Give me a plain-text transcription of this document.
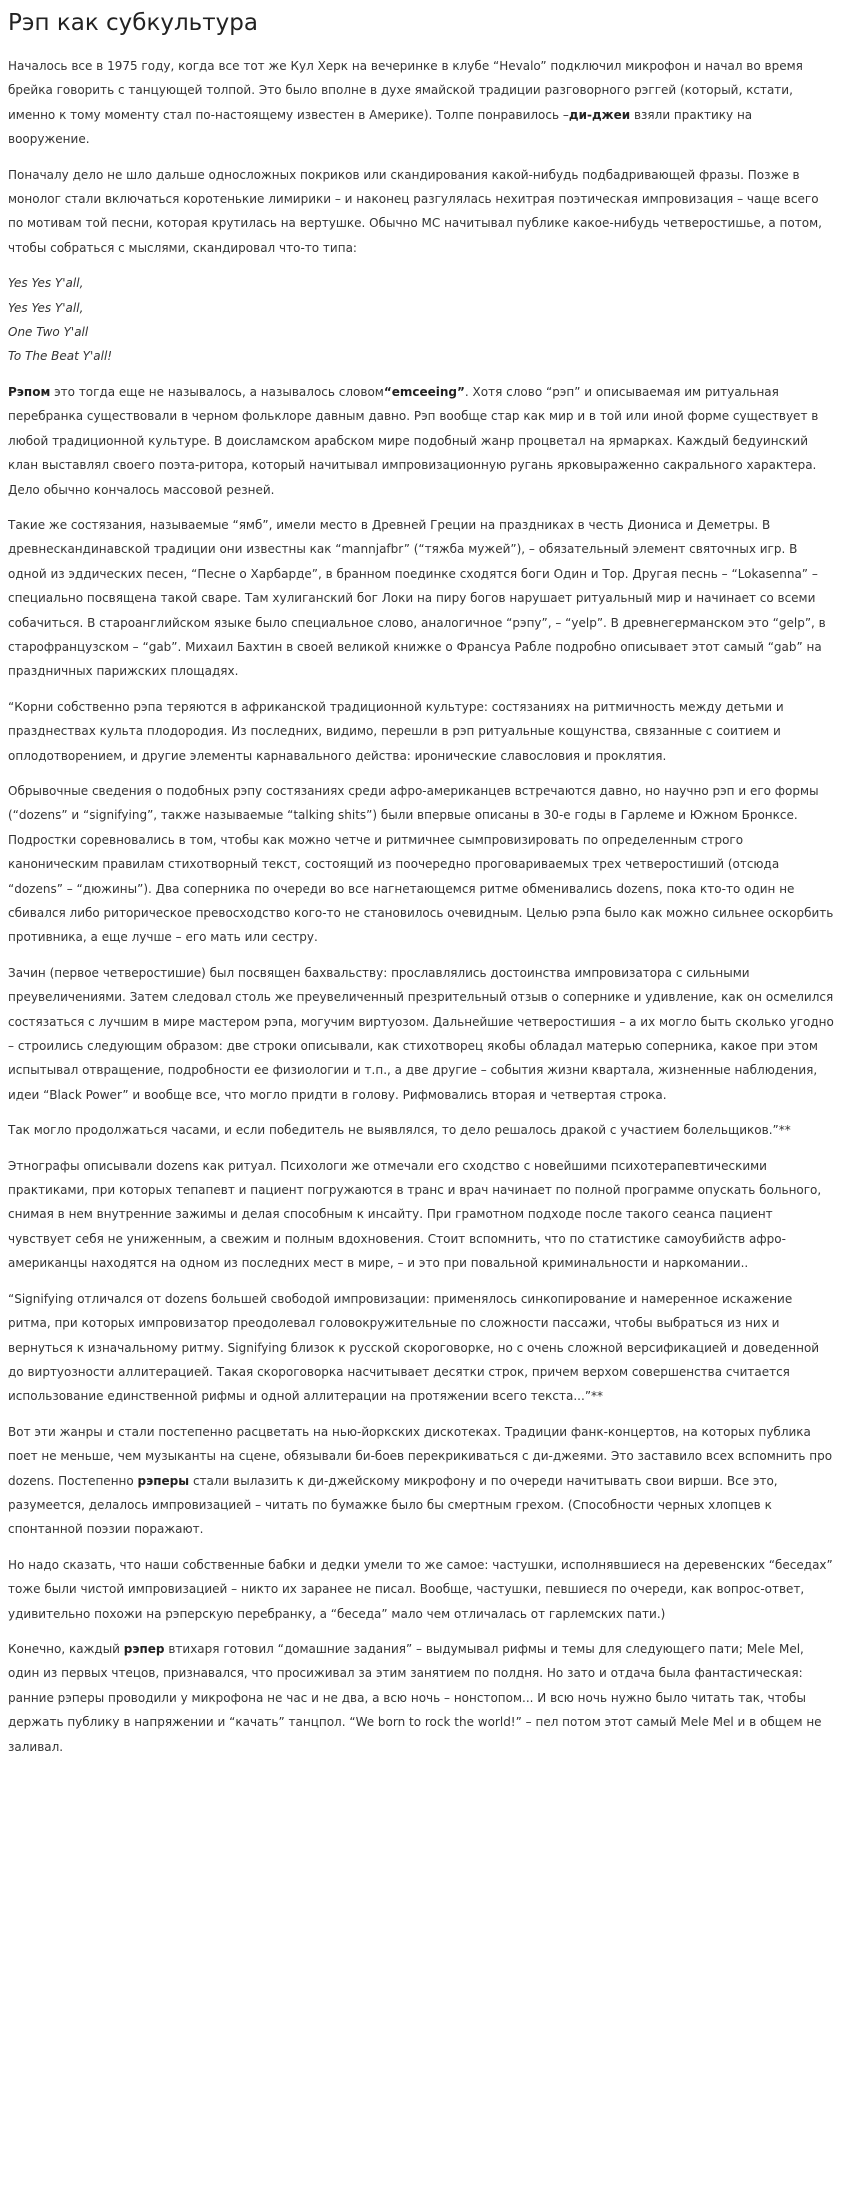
Рэп как субкультура

Началось все в 1975 году, когда все тот же Кул Херк на вечеринке в клубе “Hevalo” подключил микрофон и начал во время брейка говорить с танцующей толпой. Это было вполне в духе ямайской традиции разговорного рэггей (который, кстати, именно к тому моменту стал по-настоящему известен в Америке). Толпе понравилось –ди-джеи взяли практику на вооружение.

Поначалу дело не шло дальше односложных покриков или скандирования какой-нибудь подбадривающей фразы. Позже в монолог стали включаться коротенькие лимирики – и наконец разгулялась нехитрая поэтическая импровизация – чаще всего по мотивам той песни, которая крутилась на вертушке. Обычно МС начитывал публике какое-нибудь четверостишье, а потом, чтобы собраться с мыслями, скандировал что-то типа:

Yes Yes Y'all,

Yes Yes Y'all,

One Two Y'all

To The Beat Y'all!

Рэпом это тогда еще не называлось, а называлось словом“emceeing”. Хотя слово “рэп” и описываемая им ритуальная перебранка существовали в черном фольклоре давным давно. Рэп вообще стар как мир и в той или иной форме существует в любой традиционной культуре. В доисламском арабском мире подобный жанр процветал на ярмарках. Каждый бедуинский клан выставлял своего поэта-ритора, который начитывал импровизационную ругань ярковыраженно сакрального характера. Дело обычно кончалось массовой резней.

Такие же состязания, называемые “ямб”, имели место в Древней Греции на праздниках в честь Диониса и Деметры. В древнескандинавской традиции они известны как “mannjafbr” (“тяжба мужей”), – обязательный элемент святочных игр. В одной из эддических песен, “Песне о Харбарде”, в бранном поединке сходятся боги Один и Тор. Другая песнь – “Lokasenna” – специально посвящена такой сваре. Там хулиганский бог Локи на пиру богов нарушает ритуальный мир и начинает со всеми собачиться. В староанглийском языке было специальное слово, аналогичное “рэпу”, – “yelp”. В древнегерманском это “gelp”, в старофранцузском – “gab”. Михаил Бахтин в своей великой книжке о Франсуа Рабле подробно описывает этот самый “gab” на праздничных парижских площадях.

“Корни собственно рэпа теряются в африканской традиционной культуре: состязаниях на ритмичность между детьми и празднествах культа плодородия. Из последних, видимо, перешли в рэп ритуальные кощунства, связанные с соитием и оплодотворением, и другие элементы карнавального действа: иронические славословия и проклятия.

Обрывочные сведения о подобных рэпу состязаниях среди афро-американцев встречаются давно, но научно рэп и его формы (“dozens” и “signifying”, также называемые “talking shits”) были впервые описаны в 30-е годы в Гарлеме и Южном Бронксе. Подростки соревновались в том, чтобы как можно четче и ритмичнее сымпровизировать по определенным строго каноническим правилам стихотворный текст, состоящий из поочередно проговариваемых трех четверостиший (отсюда “dozens” – “дюжины”). Два соперника по очереди во все нагнетающемся ритме обменивались dozens, пока кто-то один не сбивался либо риторическое превосходство кого-то не становилось очевидным. Целью рэпа было как можно сильнее оскорбить противника, а еще лучше – его мать или сестру.

Зачин (первое четверостишие) был посвящен бахвальству: прославлялись достоинства импровизатора с сильными преувеличениями. Затем следовал столь же преувеличенный презрительный отзыв о сопернике и удивление, как он осмелился состязаться с лучшим в мире мастером рэпа, могучим виртуозом. Дальнейшие четверостишия – а их могло быть сколько угодно – строились следующим образом: две строки описывали, как стихотворец якобы обладал матерью соперника, какое при этом испытывал отвращение, подробности ее физиологии и т.п., а две другие – события жизни квартала, жизненные наблюдения, идеи “Black Power” и вообще все, что могло придти в голову. Рифмовались вторая и четвертая строка.

Так могло продолжаться часами, и если победитель не выявлялся, то дело решалось дракой с участием болельщиков.”**

Этнографы описывали dozens как ритуал. Психологи же отмечали его сходство с новейшими психотерапевтическими практиками, при которых тепапевт и пациент погружаются в транс и врач начинает по полной программе опускать больного, снимая в нем внутренние зажимы и делая способным к инсайту. При грамотном подходе после такого сеанса пациент чувствует себя не униженным, а свежим и полным вдохновения. Стоит вспомнить, что по статистике самоубийств афро-американцы находятся на одном из последних мест в мире, – и это при повальной криминальности и наркомании..

“Signifying отличался от dozens большей свободой импровизации: применялось синкопирование и намеренное искажение ритма, при которых импровизатор преодолевал головокружительные по сложности пассажи, чтобы выбраться из них и вернуться к изначальному ритму. Signifying близок к русской скороговорке, но с очень сложной версификацией и доведенной до виртуозности аллитерацией. Такая скороговорка насчитывает десятки строк, причем верхом совершенства считается использование единственной рифмы и одной аллитерации на протяжении всего текста...”**

Вот эти жанры и стали постепенно расцветать на нью-йоркских дискотеках. Традиции фанк-концертов, на которых публика поет не меньше, чем музыканты на сцене, обязывали би-боев перекрикиваться с ди-джеями. Это заставило всех вспомнить про dozens. Постепенно рэперы стали вылазить к ди-джейскому микрофону и по очереди начитывать свои вирши. Все это, разумеется, делалось импровизацией – читать по бумажке было бы смертным грехом. (Способности черных хлопцев к спонтанной поэзии поражают.

Но надо сказать, что наши собственные бабки и дедки умели то же самое: частушки, исполнявшиеся на деревенских “беседах” тоже были чистой импровизацией – никто их заранее не писал. Вообще, частушки, певшиеся по очереди, как вопрос-ответ, удивительно похожи на рэперскую перебранку, а “беседа” мало чем отличалась от гарлемских пати.)

Конечно, каждый рэпер втихаря готовил “домашние задания” – выдумывал рифмы и темы для следующего пати; Mele Mel, один из первых чтецов, признавался, что просиживал за этим занятием по полдня. Но зато и отдача была фантастическая: ранние рэперы проводили у микрофона не час и не два, а всю ночь – нонстопом... И всю ночь нужно было читать так, чтобы держать публику в напряжении и “качать” танцпол. “We born to rock the world!” – пел потом этот самый Mele Mel и в общем не заливал.
